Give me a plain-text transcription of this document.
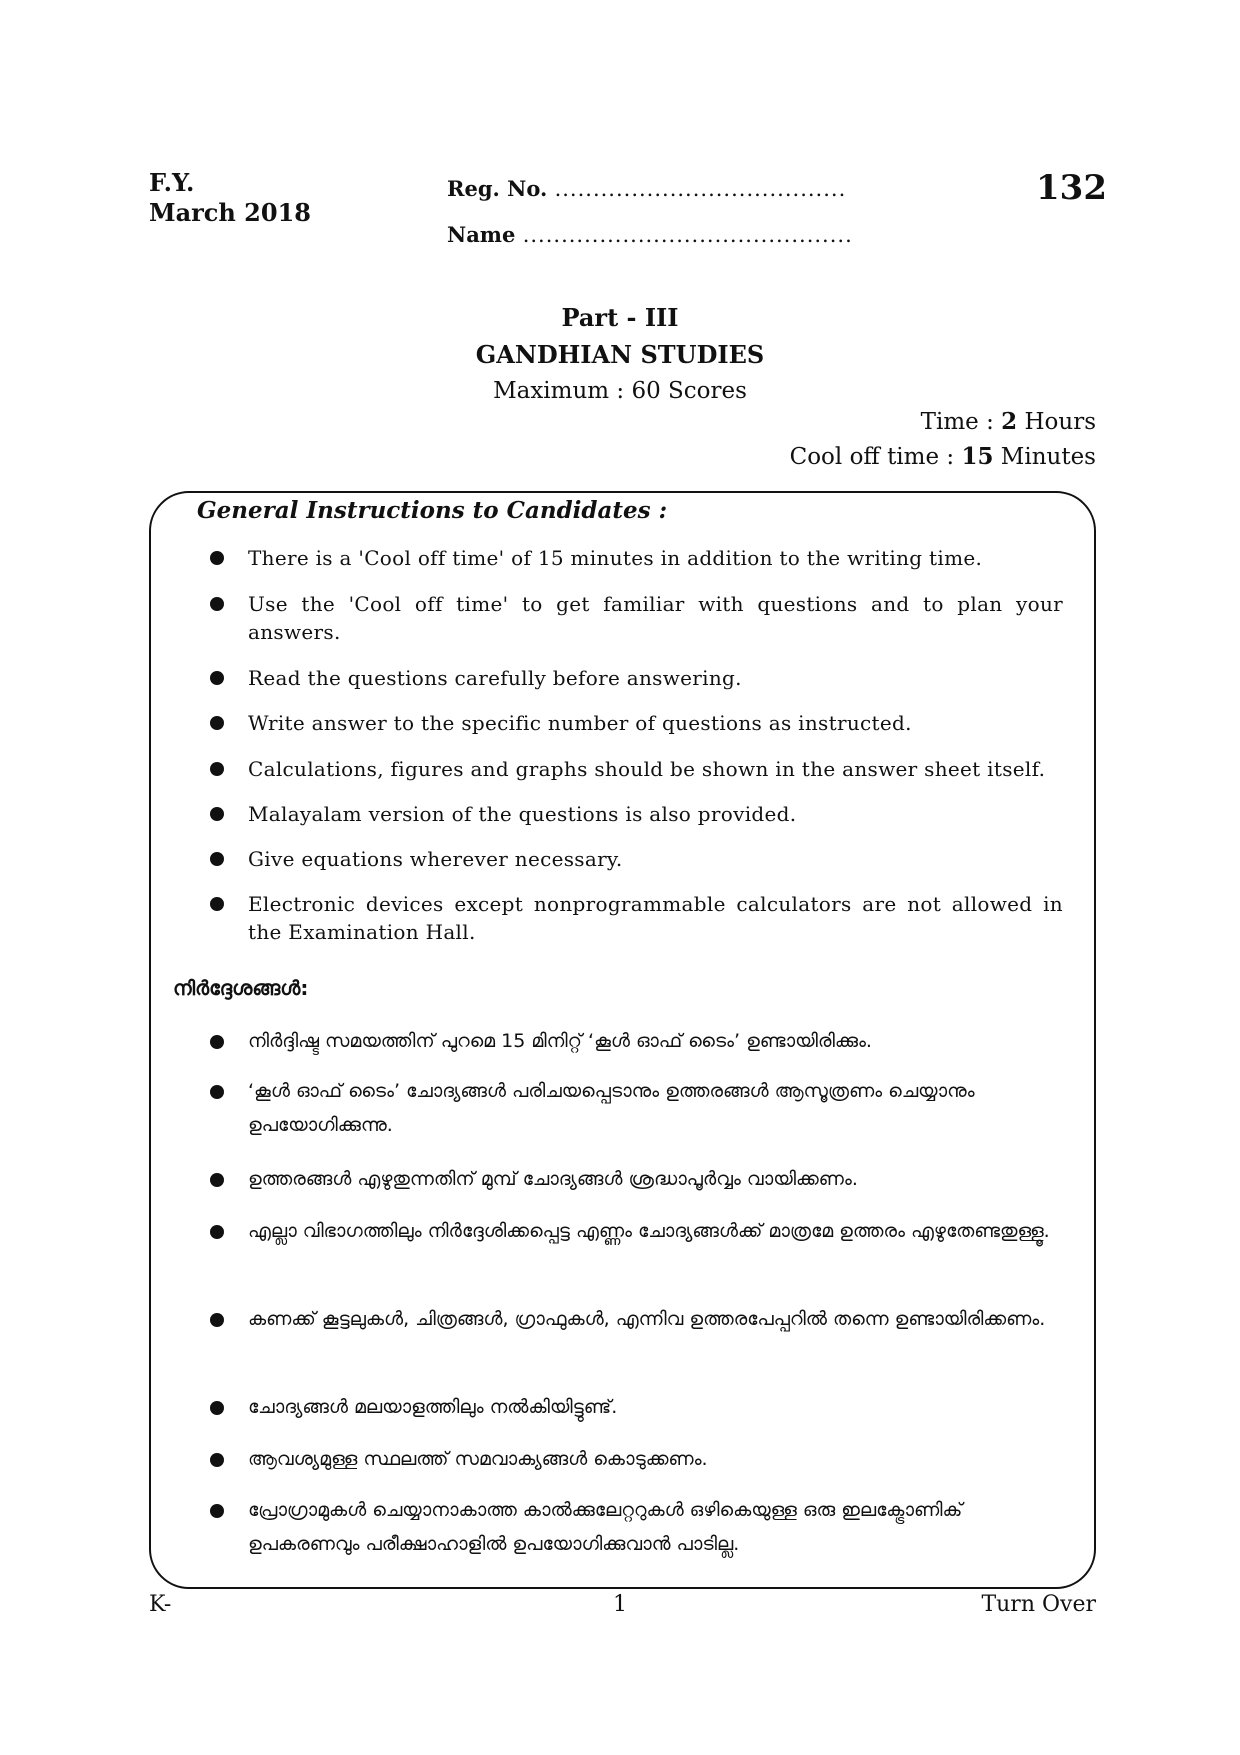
F.Y.
March 2018
Reg. No. ......................................
Name ...........................................
132
Part - III
GANDHIAN STUDIES
Maximum : 60 Scores
Time : 2 Hours
Cool off time : 15 Minutes
General Instructions to Candidates :
There is a 'Cool off time' of 15 minutes in addition to the writing time.
Use the 'Cool off time' to get familiar with questions and to plan your answers.
Read the questions carefully before answering.
Write answer to the specific number of questions as instructed.
Calculations, figures and graphs should be shown in the answer sheet itself.
Malayalam version of the questions is also provided.
Give equations wherever necessary.
Electronic devices except nonprogrammable calculators are not allowed in the Examination Hall.
നിർദ്ദേശങ്ങൾ:
നിർദ്ദിഷ്ട സമയത്തിന് പുറമെ 15 മിനിറ്റ് ‘കൂൾ ഓഫ് ടൈം’ ഉണ്ടായിരിക്കും.
‘കൂൾ ഓഫ് ടൈം’ ചോദ്യങ്ങൾ പരിചയപ്പെടാനും ഉത്തരങ്ങൾ ആസൂത്രണം ചെയ്യാനും ഉപയോഗിക്കുന്നു.
ഉത്തരങ്ങൾ എഴുതുന്നതിന് മുമ്പ് ചോദ്യങ്ങൾ ശ്രദ്ധാപൂർവ്വം വായിക്കണം.
എല്ലാ വിഭാഗത്തിലും നിർദ്ദേശിക്കപ്പെട്ട എണ്ണം ചോദ്യങ്ങൾക്ക് മാത്രമേ ഉത്തരം എഴുതേണ്ടതുള്ളൂ.
കണക്ക് കൂട്ടലുകൾ, ചിത്രങ്ങൾ, ഗ്രാഫുകൾ, എന്നിവ ഉത്തരപേപ്പറിൽ തന്നെ ഉണ്ടായിരിക്കണം.
ചോദ്യങ്ങൾ മലയാളത്തിലും നൽകിയിട്ടുണ്ട്.
ആവശ്യമുള്ള സ്ഥലത്ത് സമവാക്യങ്ങൾ കൊടുക്കണം.
പ്രോഗ്രാമുകൾ ചെയ്യാനാകാത്ത കാൽക്കുലേറ്ററുകൾ ഒഴികെയുള്ള ഒരു ഇലക്ട്രോണിക് ഉപകരണവും പരീക്ഷാഹാളിൽ ഉപയോഗിക്കുവാൻ പാടില്ല.
K-	1	Turn Over
